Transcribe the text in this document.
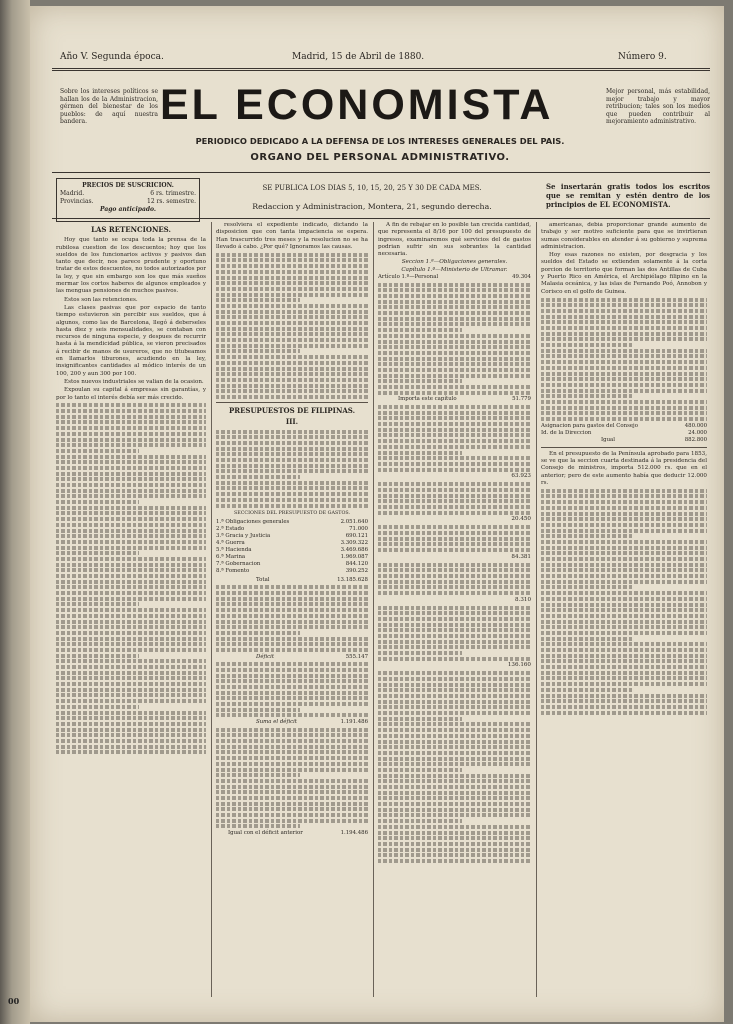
Año V. Segunda época.	Madrid, 15 de Abril de 1880.	Número 9.
Sobre los intereses políticos se hallan los de la Administracion, gérmen del bienestar de los pueblos: de aquí nuestra bandera.	EL ECONOMISTA	Mejor personal, más estabilidad, mejor trabajo y mayor retribucion; tales son los medios que pueden contribuir al mejoramiento administrativo.
PERIODICO DEDICADO A LA DEFENSA DE LOS INTERESES GENERALES DEL PAIS.
ORGANO DEL PERSONAL ADMINISTRATIVO.
PRECIOS DE SUSCRICION.
Madrid.	6 rs. trimestre.
Provincias.	12 rs. semestre.
Pago anticipado.
SE PUBLICA LOS DIAS 5, 10, 15, 20, 25 Y 30 DE CADA MES.
Redaccion y Administracion, Montera, 21, segundo derecha.
Se insertarán gratis todos los escritos que se remitan y estén dentro de los principios de EL ECONOMISTA.
LAS RETENCIONES.

Hoy que tanto se ocupa toda la prensa de la rubilosa cuestion de los descuentos; hoy que los sueldos de los funcionarios activos y pasivos dan tanto que decir, nos parece prudente y oportuno tratar de estos descuentos, no todos autorizados por la ley, y que sin embargo son los que más sueños mermar los cortos haberes de algunos empleados y las menguas pensiones de muchos pasivos.

Estos son las retenciones.

Las clases pasivas que por espacio de tanto tiempo estuvieron sin percibir sus sueldos, que á algunos, como las de Barcelona, llegó á deberseles hasta diez y seis mensualidades, se contaban con recursos de ninguna especie, y despues de recurrir hasta á la mendicidad pública, se vieron precisados á recibir de manos de usureros, que no titubeamos en llamarlos tiburones, acudiendo en la ley, insignificantes cantidades al módico interés de un 100, 200 y aun 300 por 100.

Estos nuevos industriales se valian de la ocasion.

Expoulan su capital á empresas sin garantías, y por lo tanto el interés debía ser más crecido.

resolviera el expediente indicado, dictando la disposicion que con tanta impaciencia se espera. Han trascurrido tres meses y la resolucion no se ha llevado á cabo. ¿Por qué? Ignoramos las causas.

PRESUPUESTOS DE FILIPINAS.
III.
SECCIONES DEL PRESUPUESTO DE GASTOS.
1.ª Obligaciones generales	2.051.640
2.ª Estado	71.000
3.ª Gracia y Justicia	690.121
4.ª Guerra	3.309.322
5.ª Hacienda	3.469.686
6.ª Marina	1.969.087
7.ª Gobernacion	844.120
8.ª Fomento	390.252
Total	13.185.628
Déficit	555.147
Suma el déficit	1.191.486
Igual con el déficit anterior	1.194.486

A fin de rebajar en lo posible tan crecida cantidad, que representa el 8/16 por 100 del presupuesto de ingresos, examinaremos qué servicios del de gastos podrian sufrir sin sus sobrantes la cantidad necesaria.

Seccion 1.ª—Obligaciones generales.
Capítulo 1.º—Ministerio de Ultramar.
Artículo 1.º—Personal	49.304
Importa este capítulo	51.779
63.923
20.450
84.381
8.310
136.160

americanas, debía proporcionar grande aumento de trabajo y ser motivo suficiente para que se invirtieran sumas considerables en atender á su gobierno y suprema administracion.

Hoy esas razones no existen, por desgracia y los sueldos del Estado se extienden solamente á la corta porcion de territorio que forman las dos Antillas de Cuba y Puerto Rico en América, el Archipiélago filipino en la Malasia oceánica, y las islas de Fernando Poó, Annobon y Corisco en el golfo de Guinea.

Asignacion para gastos del Consejo	480.000
Id. de la Direccion	24.000
Igual	882.800

En el presupuesto de la Península aprobado para 1853, se ve que la seccion cuarta destinada á la presidencia del Consejo de ministros, importa 512.000 rs. que en el anterior; pero de este aumento había que deducir 12.000 rs.

00
